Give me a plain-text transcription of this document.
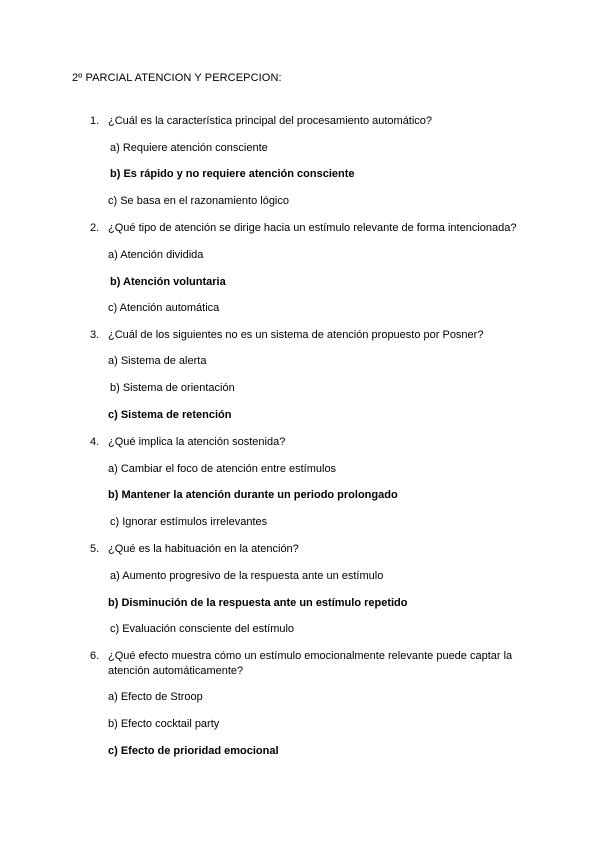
2º PARCIAL ATENCION Y PERCEPCION:
1. ¿Cuál es la característica principal del procesamiento automático?
a) Requiere atención consciente
b) Es rápido y no requiere atención consciente
c) Se basa en el razonamiento lógico
2. ¿Qué tipo de atención se dirige hacia un estímulo relevante de forma intencionada?
a) Atención dividida
b) Atención voluntaria
c) Atención automática
3. ¿Cuál de los siguientes no es un sistema de atención propuesto por Posner?
a) Sistema de alerta
b) Sistema de orientación
c) Sistema de retención
4. ¿Qué implica la atención sostenida?
a) Cambiar el foco de atención entre estímulos
b) Mantener la atención durante un periodo prolongado
c) Ignorar estímulos irrelevantes
5. ¿Qué es la habituación en la atención?
a) Aumento progresivo de la respuesta ante un estímulo
b) Disminución de la respuesta ante un estímulo repetido
c) Evaluación consciente del estímulo
6. ¿Qué efecto muestra cómo un estímulo emocionalmente relevante puede captar la atención automáticamente?
a) Efecto de Stroop
b) Efecto cocktail party
c) Efecto de prioridad emocional
